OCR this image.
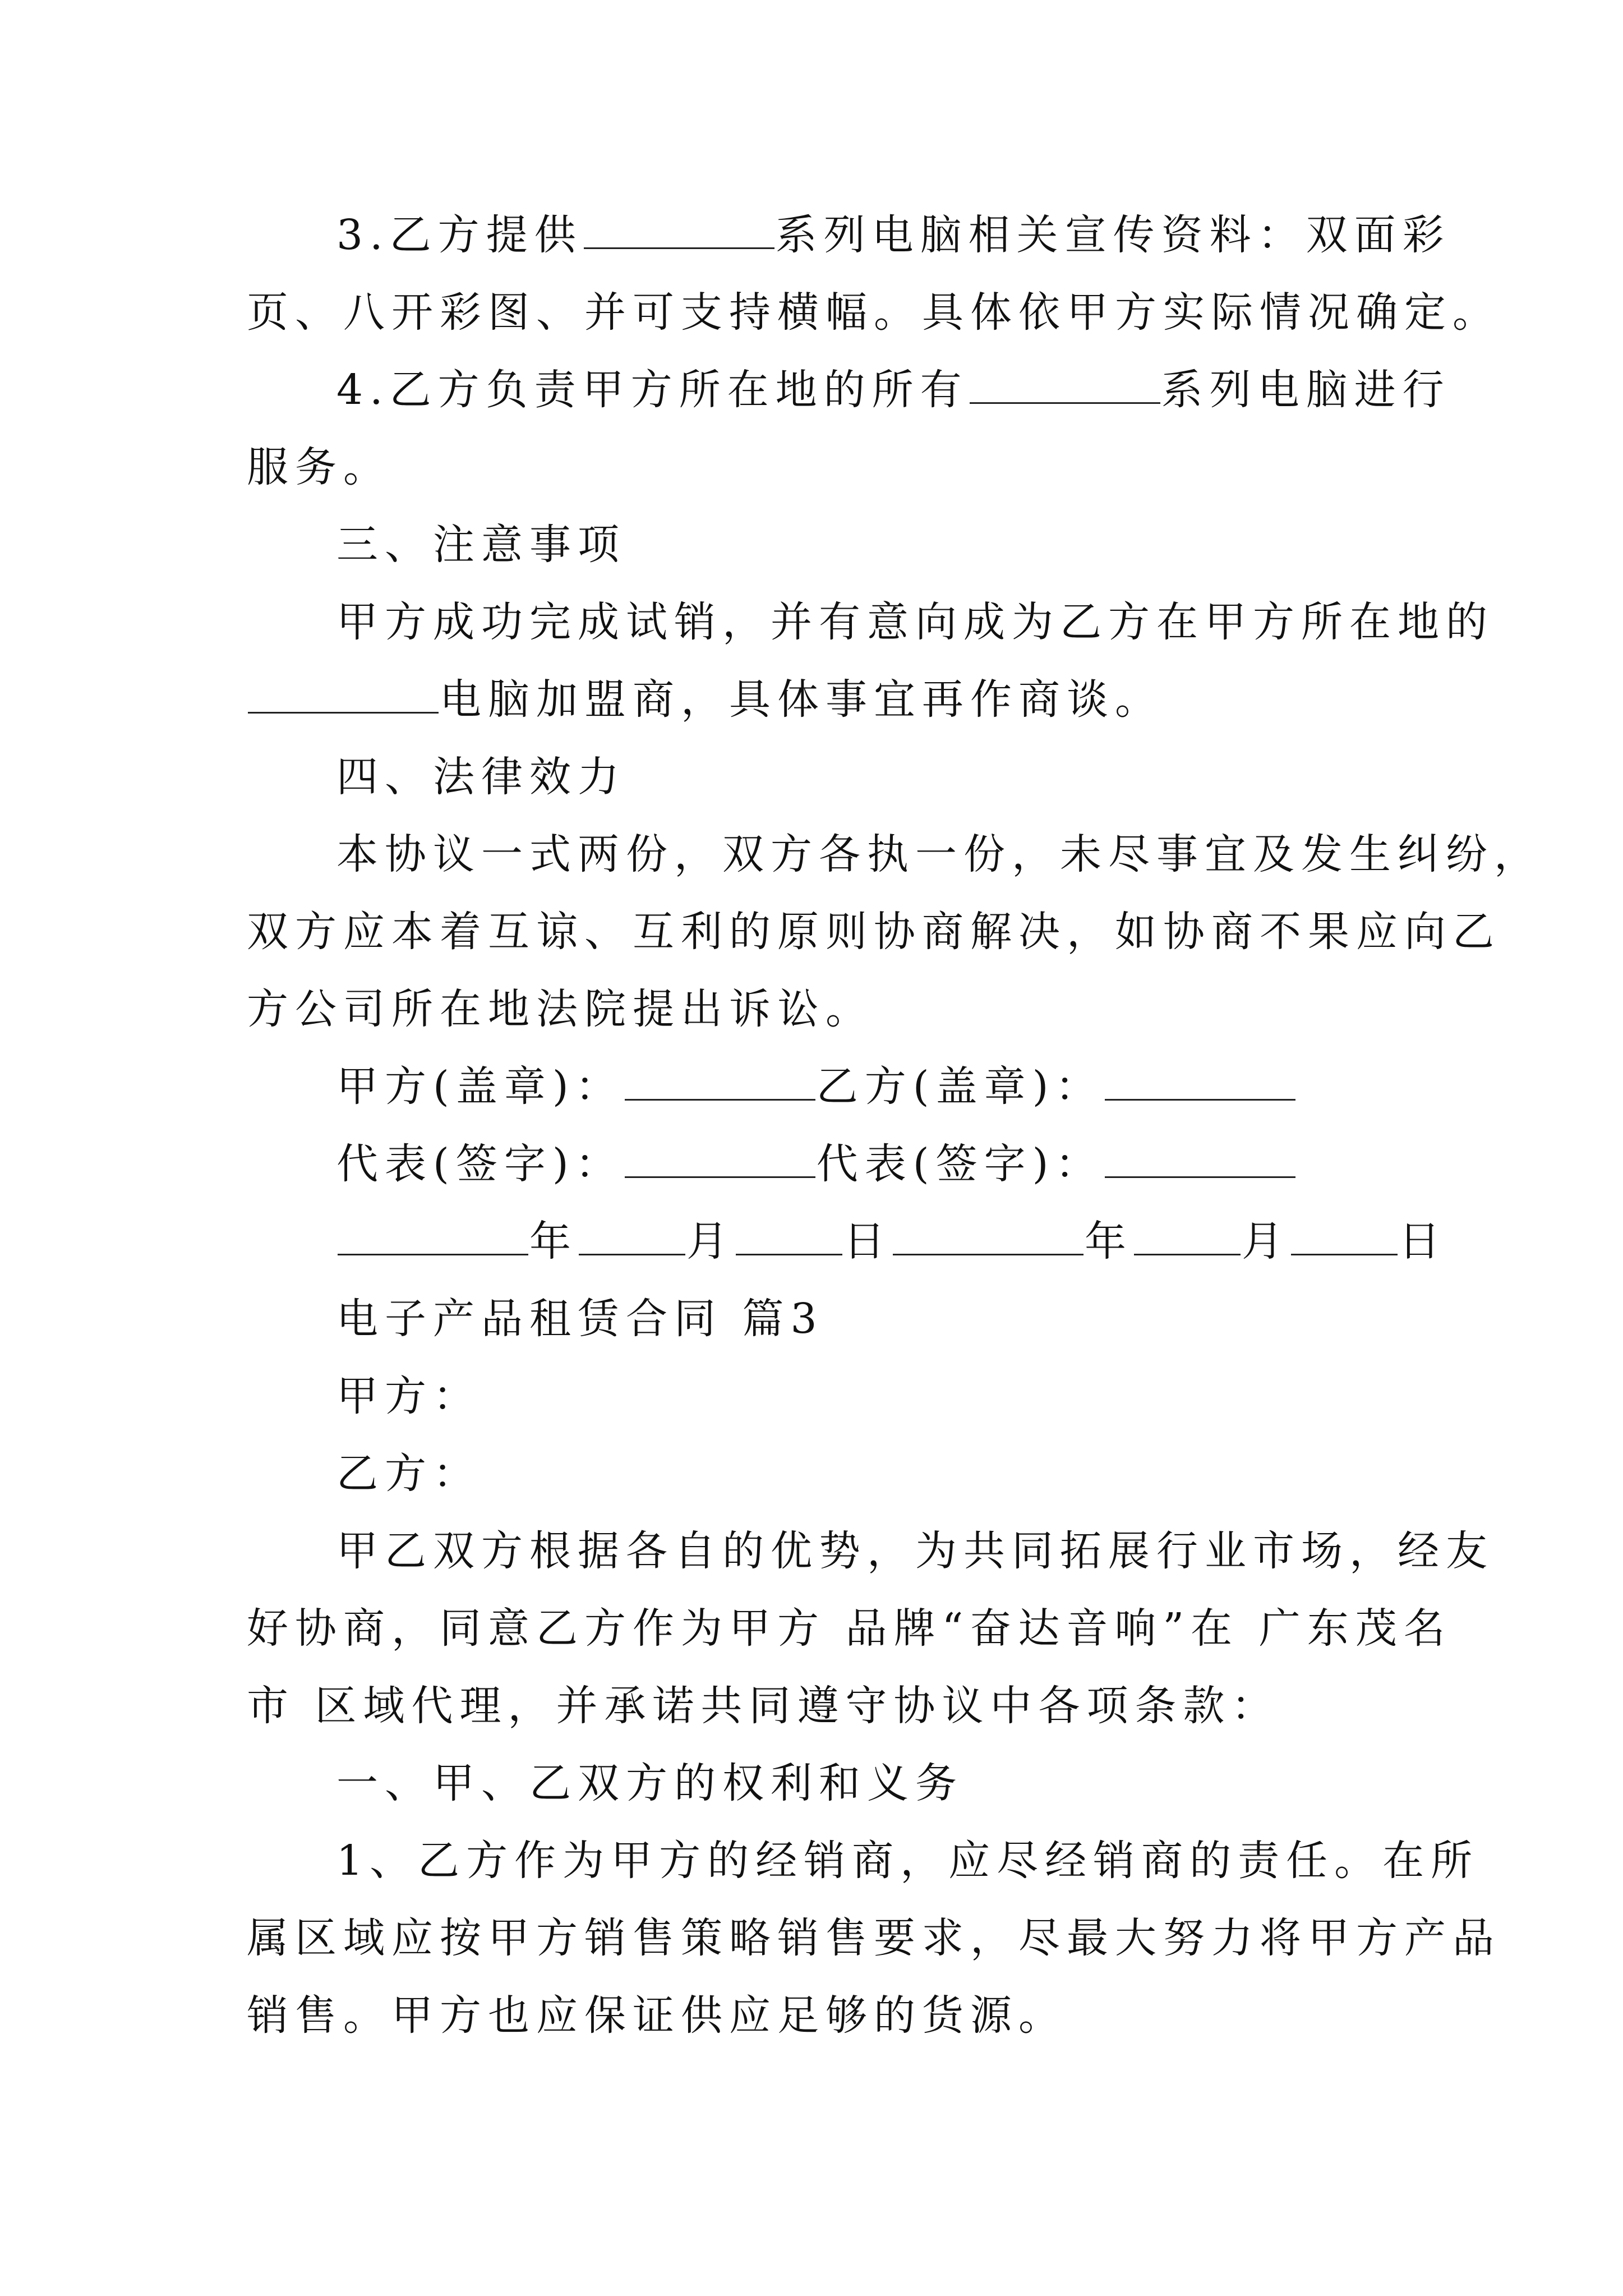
3.乙方提供	系列电脑相关宣传资料：双面彩
页、八开彩图、并可支持横幅。具体依甲方实际情况确定。
4.乙方负责甲方所在地的所有	系列电脑进行
服务。
三、注意事项
甲方成功完成试销，并有意向成为乙方在甲方所在地的
电脑加盟商，具体事宜再作商谈。
四、法律效力
本协议一式两份，双方各执一份，未尽事宜及发生纠纷，
双方应本着互谅、互利的原则协商解决，如协商不果应向乙
方公司所在地法院提出诉讼。
甲方(盖章)：	乙方(盖章)：
代表(签字)：	代表(签字)：
年	月	日	年	月	日
电子产品租赁合同 篇3
甲方：
乙方：
甲乙双方根据各自的优势，为共同拓展行业市场，经友
好协商，同意乙方作为甲方 品牌“奋达音响”在 广东茂名
市 区域代理，并承诺共同遵守协议中各项条款：
一、甲、乙双方的权利和义务
1、乙方作为甲方的经销商，应尽经销商的责任。在所
属区域应按甲方销售策略销售要求，尽最大努力将甲方产品
销售。甲方也应保证供应足够的货源。
